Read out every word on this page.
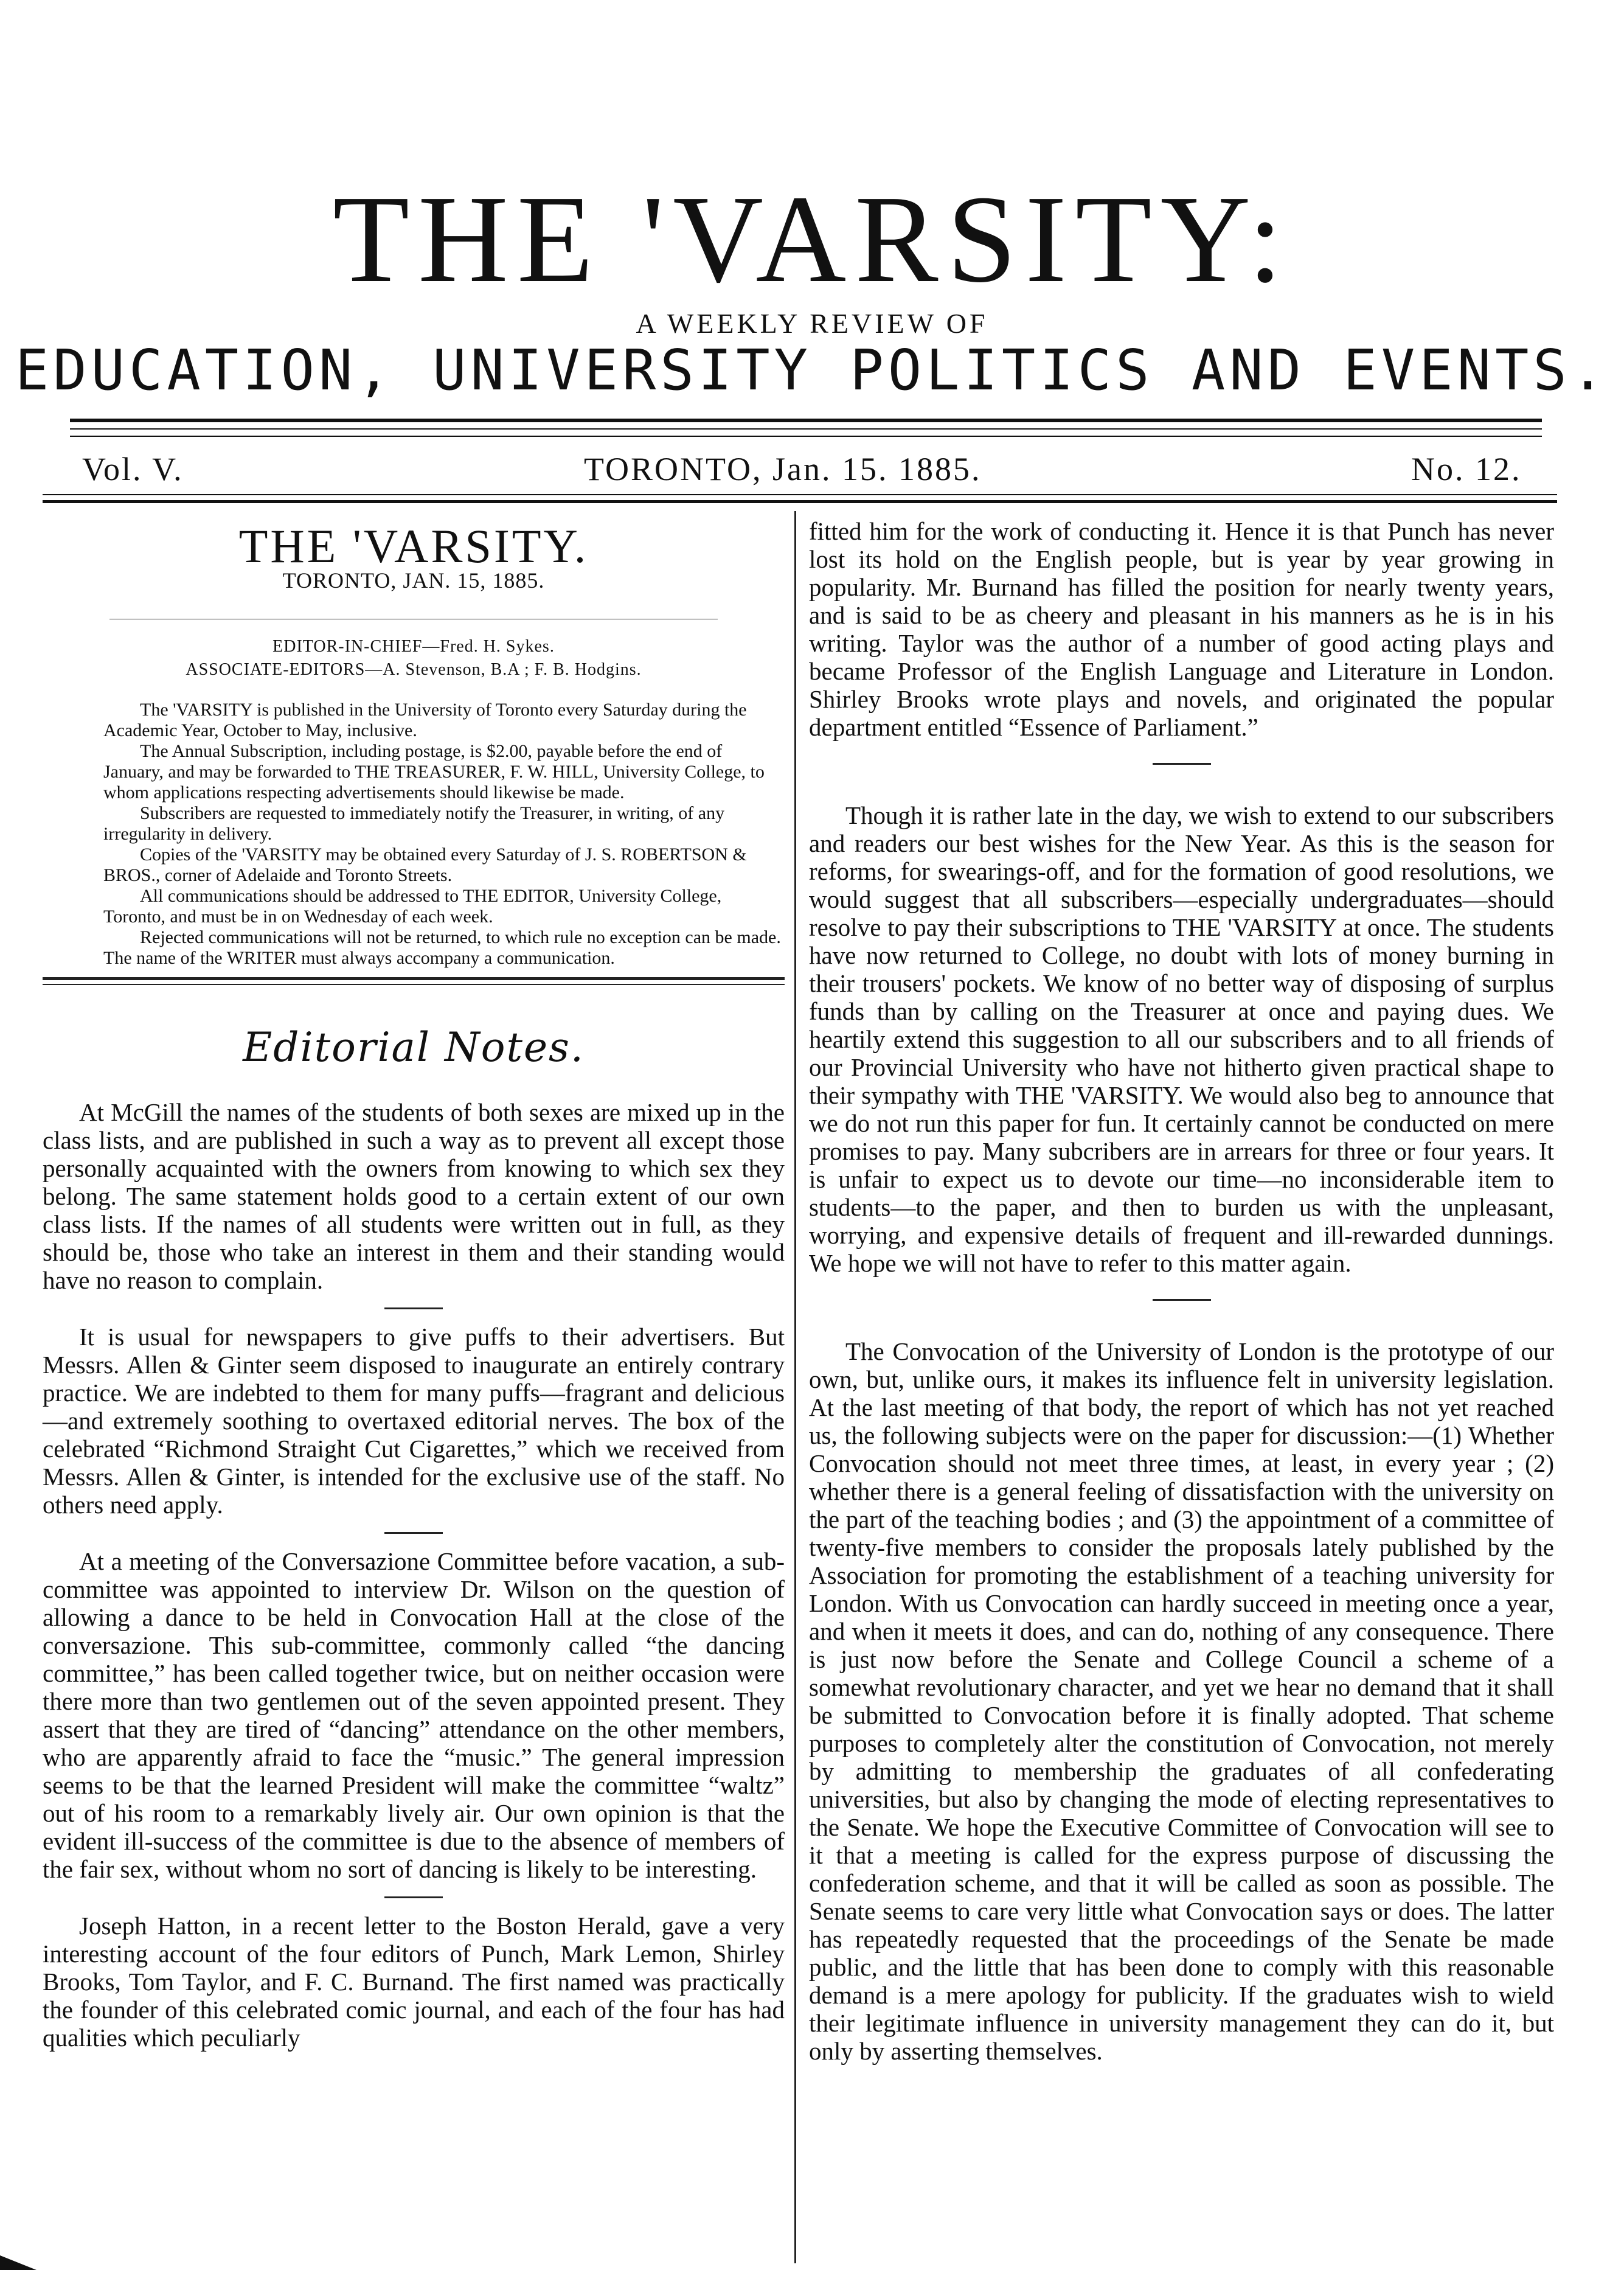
THE 'VARSITY:
A WEEKLY REVIEW OF
EDUCATION, UNIVERSITY POLITICS AND EVENTS.
Vol. V.	TORONTO, Jan. 15. 1885.	No. 12.
THE 'VARSITY.
TORONTO, JAN. 15, 1885.
EDITOR-IN-CHIEF—Fred. H. Sykes.
ASSOCIATE-EDITORS—A. Stevenson, B.A ; F. B. Hodgins.

The 'VARSITY is published in the University of Toronto every Saturday during the Academic Year, October to May, inclusive.

The Annual Subscription, including postage, is $2.00, payable before the end of January, and may be forwarded to THE TREASURER, F. W. HILL, University College, to whom applications respecting advertisements should likewise be made.

Subscribers are requested to immediately notify the Treasurer, in writing, of any irregularity in delivery.

Copies of the 'VARSITY may be obtained every Saturday of J. S. ROBERTSON & BROS., corner of Adelaide and Toronto Streets.

All communications should be addressed to THE EDITOR, University College, Toronto, and must be in on Wednesday of each week.

Rejected communications will not be returned, to which rule no exception can be made. The name of the WRITER must always accompany a communication.

Editorial Notes.

At McGill the names of the students of both sexes are mixed up in the class lists, and are published in such a way as to prevent all except those personally acquainted with the owners from knowing to which sex they belong. The same statement holds good to a certain extent of our own class lists. If the names of all students were written out in full, as they should be, those who take an interest in them and their standing would have no reason to complain.

It is usual for newspapers to give puffs to their advertisers. But Messrs. Allen & Ginter seem disposed to inaugurate an entirely contrary practice. We are indebted to them for many puffs—fragrant and delicious—and extremely soothing to overtaxed editorial nerves. The box of the celebrated “Richmond Straight Cut Cigarettes,” which we received from Messrs. Allen & Ginter, is intended for the exclusive use of the staff. No others need apply.

At a meeting of the Conversazione Committee before vacation, a sub-committee was appointed to interview Dr. Wilson on the question of allowing a dance to be held in Convocation Hall at the close of the conversazione. This sub-committee, commonly called “the dancing committee,” has been called together twice, but on neither occasion were there more than two gentlemen out of the seven appointed present. They assert that they are tired of “dancing” attendance on the other members, who are apparently afraid to face the “music.” The general impression seems to be that the learned President will make the committee “waltz” out of his room to a remarkably lively air. Our own opinion is that the evident ill-success of the committee is due to the absence of members of the fair sex, without whom no sort of dancing is likely to be interesting.

Joseph Hatton, in a recent letter to the Boston Herald, gave a very interesting account of the four editors of Punch, Mark Lemon, Shirley Brooks, Tom Taylor, and F. C. Burnand. The first named was practically the founder of this celebrated comic journal, and each of the four has had qualities which peculiarly

fitted him for the work of conducting it. Hence it is that Punch has never lost its hold on the English people, but is year by year growing in popularity. Mr. Burnand has filled the position for nearly twenty years, and is said to be as cheery and pleasant in his manners as he is in his writing. Taylor was the author of a number of good acting plays and became Professor of the English Language and Literature in London. Shirley Brooks wrote plays and novels, and originated the popular department entitled “Essence of Parliament.”

Though it is rather late in the day, we wish to extend to our subscribers and readers our best wishes for the New Year. As this is the season for reforms, for swearings-off, and for the formation of good resolutions, we would suggest that all subscribers—especially undergraduates—should resolve to pay their subscriptions to THE 'VARSITY at once. The students have now returned to College, no doubt with lots of money burning in their trousers' pockets. We know of no better way of disposing of surplus funds than by calling on the Treasurer at once and paying dues. We heartily extend this suggestion to all our subscribers and to all friends of our Provincial University who have not hitherto given practical shape to their sympathy with THE 'VARSITY. We would also beg to announce that we do not run this paper for fun. It certainly cannot be conducted on mere promises to pay. Many subcribers are in arrears for three or four years. It is unfair to expect us to devote our time—no inconsiderable item to students—to the paper, and then to burden us with the unpleasant, worrying, and expensive details of frequent and ill-rewarded dunnings. We hope we will not have to refer to this matter again.

The Convocation of the University of London is the prototype of our own, but, unlike ours, it makes its influence felt in university legislation. At the last meeting of that body, the report of which has not yet reached us, the following subjects were on the paper for discussion:—(1) Whether Convocation should not meet three times, at least, in every year ; (2) whether there is a general feeling of dissatisfaction with the university on the part of the teaching bodies ; and (3) the appointment of a committee of twenty-five members to consider the proposals lately published by the Association for promoting the establishment of a teaching university for London. With us Convocation can hardly succeed in meeting once a year, and when it meets it does, and can do, nothing of any consequence. There is just now before the Senate and College Council a scheme of a somewhat revolutionary character, and yet we hear no demand that it shall be submitted to Convocation before it is finally adopted. That scheme purposes to completely alter the constitution of Convocation, not merely by admitting to membership the graduates of all confederating universities, but also by changing the mode of electing representatives to the Senate. We hope the Executive Committee of Convocation will see to it that a meeting is called for the express purpose of discussing the confederation scheme, and that it will be called as soon as possible. The Senate seems to care very little what Convocation says or does. The latter has repeatedly requested that the proceedings of the Senate be made public, and the little that has been done to comply with this reasonable demand is a mere apology for publicity. If the graduates wish to wield their legitimate influence in university management they can do it, but only by asserting themselves.
